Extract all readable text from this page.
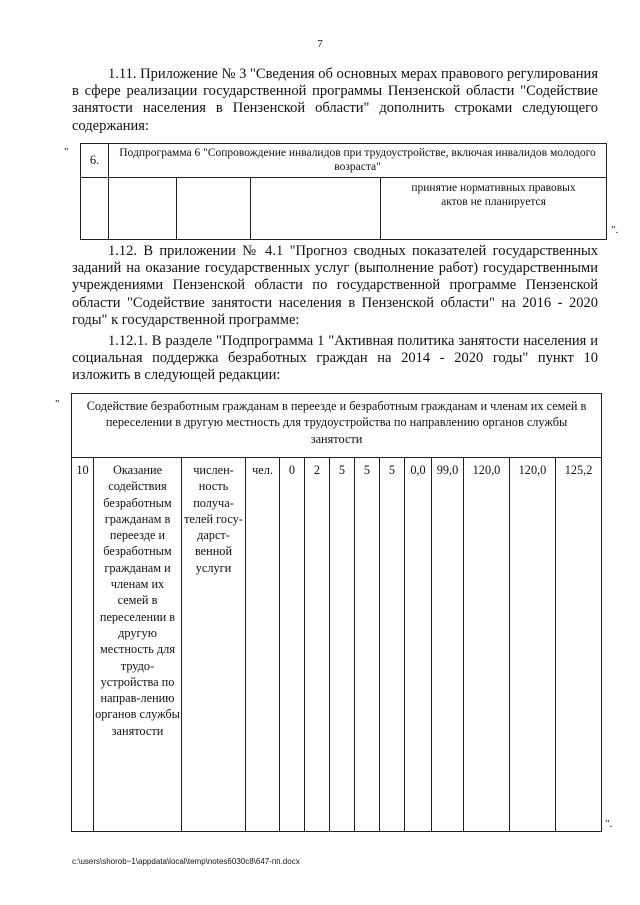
7
1.11. Приложение № 3 "Сведения об основных мерах правового регулирования в сфере реализации государственной программы Пензенской области "Содействие занятости населения в Пензенской области" дополнить строками следующего содержания:
"
6.	Подпрограмма 6 "Сопровождение инвалидов при трудоустройстве, включая инвалидов молодого возраста"			
				принятие нормативных правовых актов не планируется
".
1.12. В приложении № 4.1 "Прогноз сводных показателей государственных заданий на оказание государственных услуг (выполнение работ) государственными учреждениями Пензенской области по государственной программе Пензенской области "Содействие занятости населения в Пензенской области" на 2016 - 2020 годы" к государственной программе:
1.12.1. В разделе "Подпрограмма 1 "Активная политика занятости населения и социальная поддержка безработных граждан на 2014 - 2020 годы" пункт 10 изложить в следующей редакции:
" Содействие безработным гражданам в переезде и безработным гражданам и членам их семей в переселении в другую местность для трудоустройства по направлению органов службы занятости
10	Оказание содействия безработным гражданам в переезде и безработным гражданам и членам их семей в переселении в другую местность для трудо-устройства по направ-лению органов службы занятости	числен-ность получа-телей госу-дарст-венной услуги	чел.	0	2	5	5	5	0,0	99,0	120,0	120,0	125,2
".
c:\users\shorob~1\appdata\local\temp\notes6030c8\647-пп.docx
